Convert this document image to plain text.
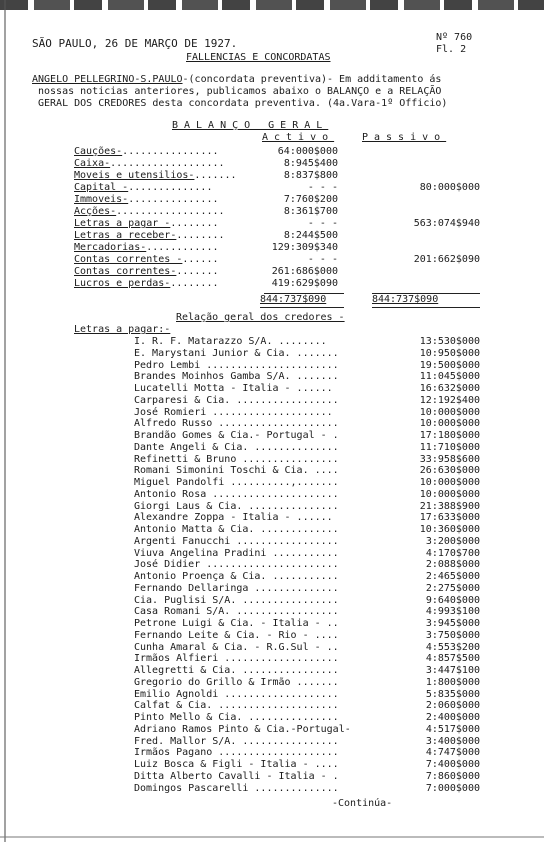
SÃO PAULO, 26 DE MARÇO DE 1927.	Nº 760
Fl. 2
FALLENCIAS E CONCORDATAS
ANGELO PELLEGRINO-S.PAULO-(concordata preventiva)- Em additamento ás
nossas noticias anteriores, publicamos abaixo o BALANÇO e a RELAÇÃO
GERAL DOS CREDORES desta concordata preventiva. (4a.Vara-1º Officio)
BALANÇO GERAL
Activo	Passivo
Cauções-................	64:000$000
Caixa-...................	8:945$400
Moveis e utensilios-.......	8:837$800
Capital -..............	- - -	80:000$000
Immoveis-...............	7:760$200
Acções-..................	8:361$700
Letras a pagar -........	- - -	563:074$940
Letras a receber-........	8:244$500
Mercadorias-............	129:309$340
Contas correntes -......	- - -	201:662$090
Contas correntes-.......	261:686$000
Lucros e perdas-........	419:629$090
844:737$090	844:737$090
Relação geral dos credores -
Letras a pagar:-
I. R. F. Matarazzo S/A. ........	13:530$000
E. Marystani Junior & Cia. .......	10:950$000
Pedro Lembi ......................	19:500$000
Brandes Moinhos Gamba S/A. .......	11:045$000
Lucatelli Motta - Italia - ......	16:632$000
Carparesi & Cia. .................	12:192$400
José Romieri ....................	10:000$000
Alfredo Russo ....................	10:000$000
Brandão Gomes & Cia.- Portugal - .	17:180$000
Dante Angeli & Cia. ..............	11:710$000
Refinetti & Bruno ................	33:958$600
Romani Simonini Toschi & Cia. ....	26:630$000
Miguel Pandolfi ..........,.......	10:000$000
Antonio Rosa .....................	10:000$000
Giorgi Laus & Cia. ...............	21:388$900
Alexandre Zoppa - Italia - ......	17:633$000
Antonio Matta & Cia. .............	10:360$000
Argenti Fanucchi .................	3:200$000
Viuva Angelina Pradini ...........	4:170$700
José Didier ......................	2:088$000
Antonio Proença & Cia. ...........	2:465$000
Fernando Dellaringa ..............	2:275$000
Cia. Puglisi S/A. ................	9:640$000
Casa Romani S/A. .................	4:993$100
Petrone Luigi & Cia. - Italia - ..	3:945$000
Fernando Leite & Cia. - Rio - ....	3:750$000
Cunha Amaral & Cia. - R.G.Sul - ..	4:553$200
Irmãos Alfieri ...................	4:857$500
Allegretti & Cia. ................	3:447$100
Gregorio do Grillo & Irmão .......	1:800$000
Emilio Agnoldi ...................	5:835$000
Calfat & Cia. ....................	2:060$000
Pinto Mello & Cia. ...............	2:400$000
Adriano Ramos Pinto & Cia.-Portugal-	4:517$000
Fred. Mallor S/A. ................	3:400$000
Irmãos Pagano ....................	4:747$000
Luiz Bosca & Figli - Italia - ....	7:400$000
Ditta Alberto Cavalli - Italia - .	7:860$000
Domingos Pascarelli ..............	7:000$000
-Continúa-
